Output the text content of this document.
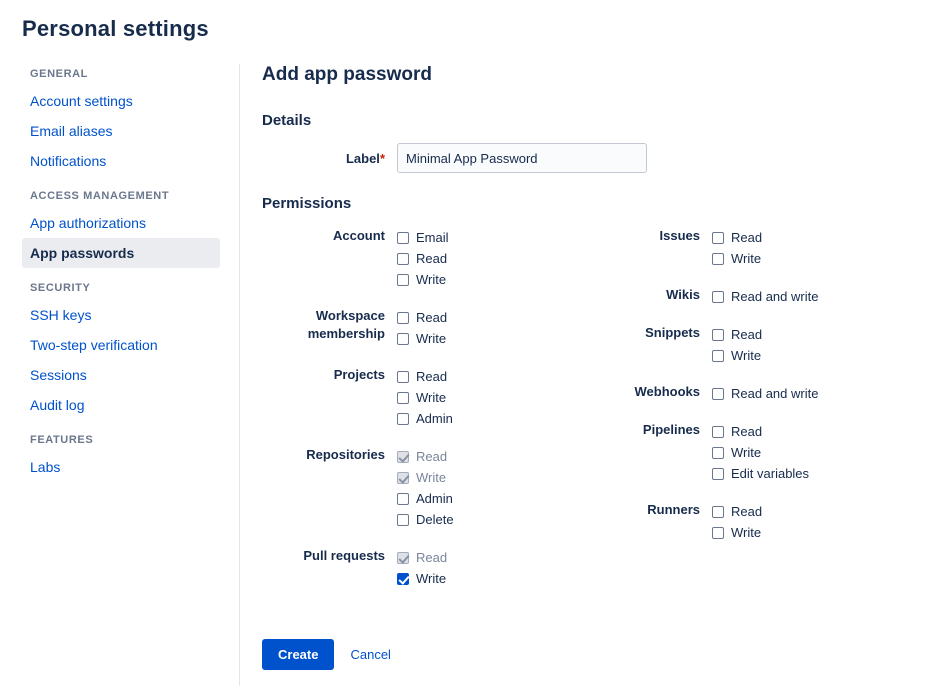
Personal settings
GENERAL
Account settings
Email aliases
Notifications
ACCESS MANAGEMENT
App authorizations
App passwords
SECURITY
SSH keys
Two-step verification
Sessions
Audit log
FEATURES
Labs
Add app password
Details
Label*
Minimal App Password
Permissions
Account	Email
Read
Write
Workspace membership
Read
Write
Projects	Read
Write
Admin
Repositories	Read
Write
Admin
Delete
Pull requests	Read
Write
Issues	Read
Write
Wikis	Read and write
Snippets	Read
Write
Webhooks	Read and write
Pipelines	Read
Write
Edit variables
Runners	Read
Write
Create	Cancel
